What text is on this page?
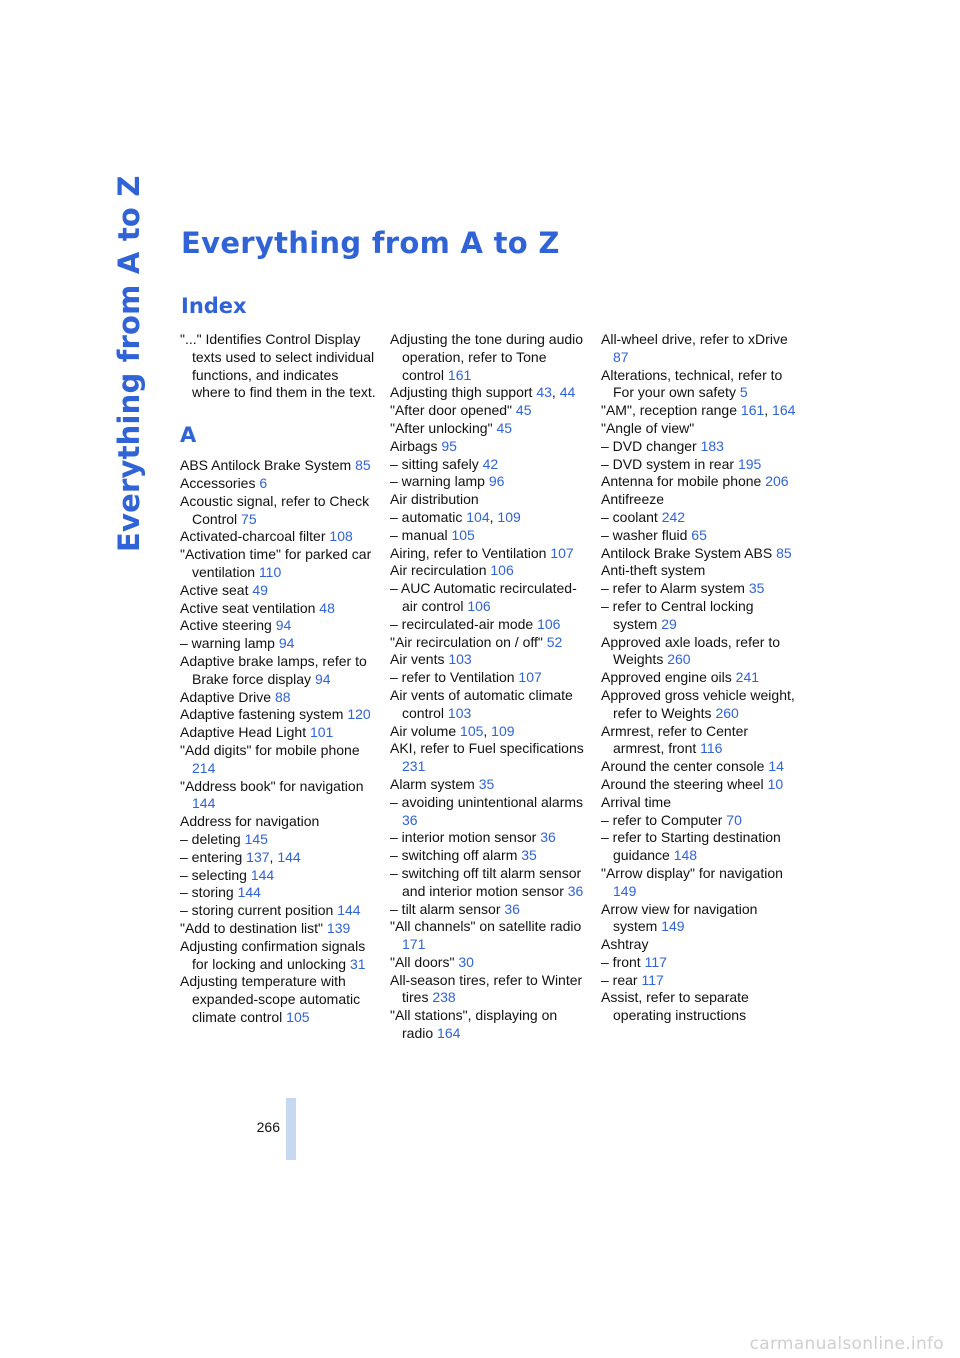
Everything from A to Z Everything from A to Z
Index
"..." Identifies Control Display texts used to select individual functions, and indicates where to find them in the text.
A
ABS Antilock Brake System 85
Accessories 6
Acoustic signal, refer to Check Control 75
Activated-charcoal filter 108
"Activation time" for parked car ventilation 110
Active seat 49
Active seat ventilation 48
Active steering 94
– warning lamp 94
Adaptive brake lamps, refer to Brake force display 94
Adaptive Drive 88
Adaptive fastening system 120
Adaptive Head Light 101
"Add digits" for mobile phone 214
"Address book" for navigation 144
Address for navigation
– deleting 145
– entering 137, 144
– selecting 144
– storing 144
– storing current position 144
"Add to destination list" 139
Adjusting confirmation signals for locking and unlocking 31
Adjusting temperature with expanded-scope automatic climate control 105
Adjusting the tone during audio operation, refer to Tone control 161
Adjusting thigh support 43, 44
"After door opened" 45
"After unlocking" 45
Airbags 95
– sitting safely 42
– warning lamp 96
Air distribution
– automatic 104, 109
– manual 105
Airing, refer to Ventilation 107
Air recirculation 106
– AUC Automatic recirculated-air control 106
– recirculated-air mode 106
"Air recirculation on / off" 52
Air vents 103
– refer to Ventilation 107
Air vents of automatic climate control 103
Air volume 105, 109
AKI, refer to Fuel specifications 231
Alarm system 35
– avoiding unintentional alarms 36
– interior motion sensor 36
– switching off alarm 35
– switching off tilt alarm sensor and interior motion sensor 36
– tilt alarm sensor 36
"All channels" on satellite radio 171
"All doors" 30
All-season tires, refer to Winter tires 238
"All stations", displaying on radio 164
All-wheel drive, refer to xDrive 87
Alterations, technical, refer to For your own safety 5
"AM", reception range 161, 164
"Angle of view"
– DVD changer 183
– DVD system in rear 195
Antenna for mobile phone 206
Antifreeze
– coolant 242
– washer fluid 65
Antilock Brake System ABS 85
Anti-theft system
– refer to Alarm system 35
– refer to Central locking system 29
Approved axle loads, refer to Weights 260
Approved engine oils 241
Approved gross vehicle weight, refer to Weights 260
Armrest, refer to Center armrest, front 116
Around the center console 14
Around the steering wheel 10
Arrival time
– refer to Computer 70
– refer to Starting destination guidance 148
"Arrow display" for navigation 149
Arrow view for navigation system 149
Ashtray
– front 117
– rear 117
Assist, refer to separate operating instructions
266
carmanualsonline.info
